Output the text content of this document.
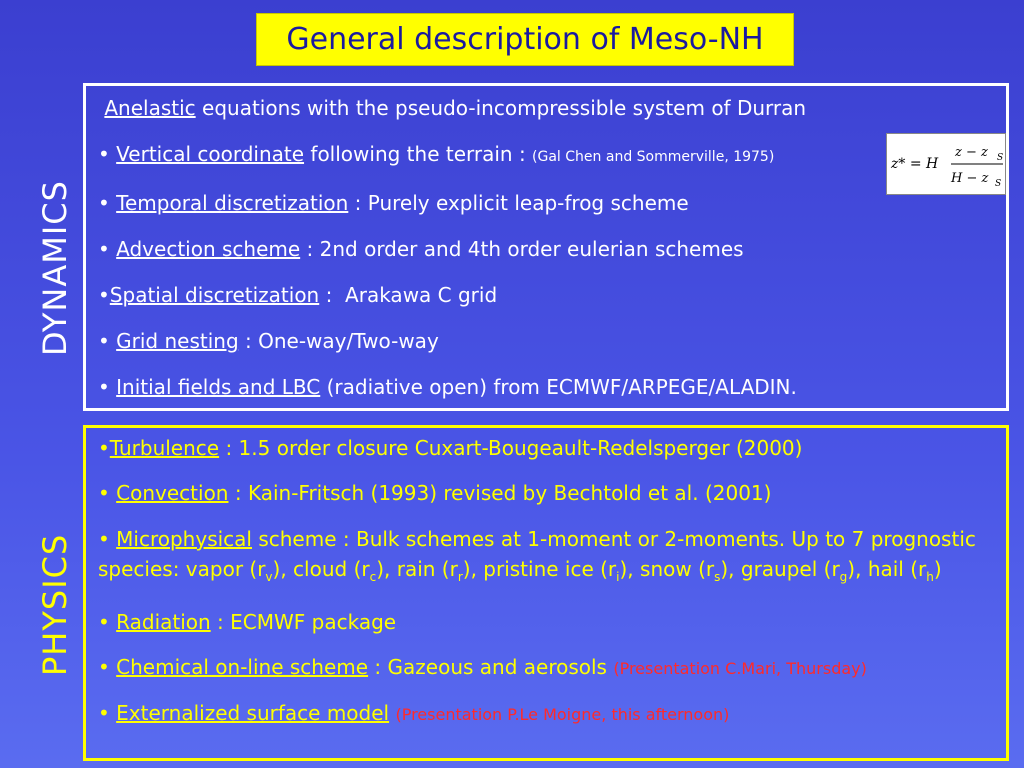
General description of Meso-NH
DYNAMICS
PHYSICS
Anelastic equations with the pseudo-incompressible system of Durran
• Vertical coordinate following the terrain : (Gal Chen and Sommerville, 1975)
• Temporal discretization : Purely explicit leap-frog scheme
• Advection scheme : 2nd order and 4th order eulerian schemes
•Spatial discretization :  Arakawa C grid
• Grid nesting : One-way/Two-way
• Initial fields and LBC (radiative open) from ECMWF/ARPEGE/ALADIN.
z* = H
z − z S
H − z S
•Turbulence : 1.5 order closure Cuxart-Bougeault-Redelsperger (2000)
• Convection : Kain-Fritsch (1993) revised by Bechtold et al. (2001)
• Microphysical scheme : Bulk schemes at 1-moment or 2-moments. Up to 7 prognostic species: vapor $(r_v)$, cloud $(r_c)$, rain $(r_r)$, pristine ice $(r_i)$, snow $(r_s)$, graupel $(r_g)$, hail $(r_h)$
• Radiation : ECMWF package
• Chemical on-line scheme : Gazeous and aerosols (Presentation C.Mari, Thursday)
• Externalized surface model (Presentation P.Le Moigne, this afternoon)
